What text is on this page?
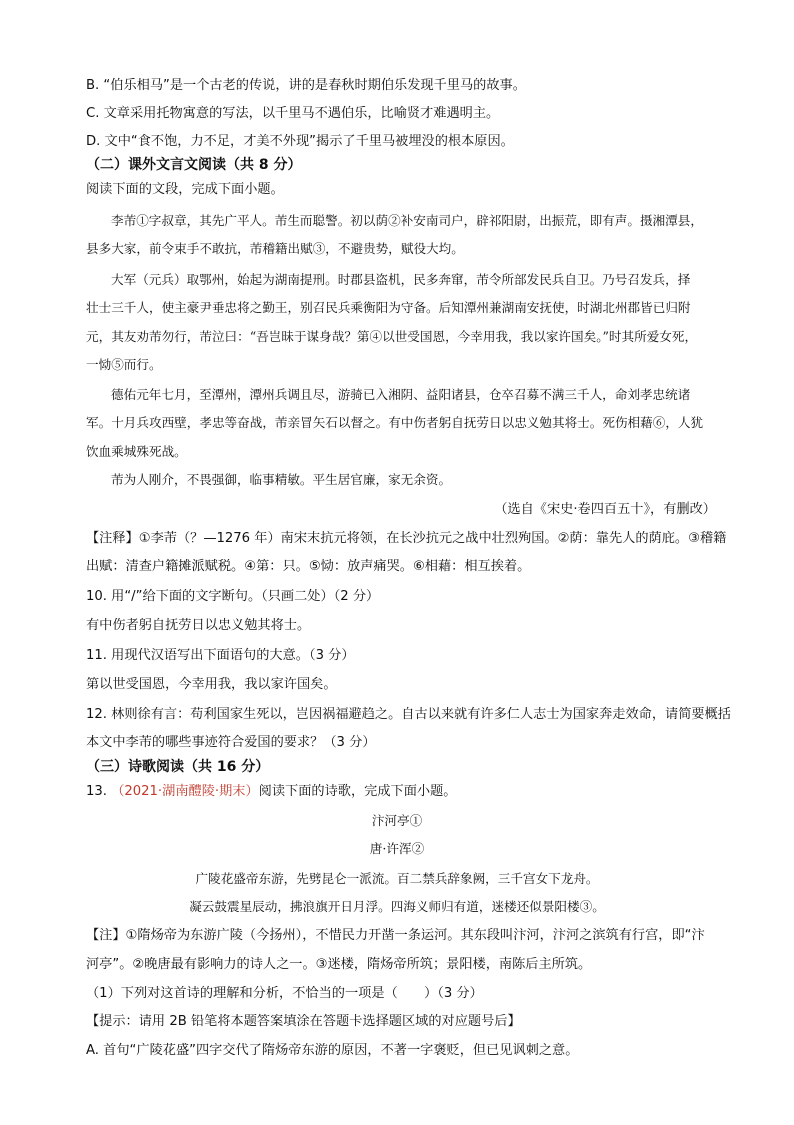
B. “伯乐相马”是一个古老的传说，讲的是春秋时期伯乐发现千里马的故事。
C. 文章采用托物寓意的写法，以千里马不遇伯乐，比喻贤才难遇明主。
D. 文中“食不饱，力不足，才美不外现”揭示了千里马被埋没的根本原因。
（二）课外文言文阅读（共 8 分）
阅读下面的文段，完成下面小题。
李芾①字叔章，其先广平人。芾生而聪警。初以荫②补安南司户，辟祁阳尉，出振荒，即有声。摄湘潭县，
县多大家，前令束手不敢抗，芾稽籍出赋③，不避贵势，赋役大均。
大军（元兵）取鄂州，始起为湖南提刑。时郡县盗机，民多奔窜，芾令所部发民兵自卫。乃号召发兵，择
壮士三千人，使主豪尹垂忠将之勤王，别召民兵乘衡阳为守备。后知潭州兼湖南安抚使，时湖北州郡皆已归附
元，其友劝芾勿行，芾泣曰：“吾岂昧于谋身哉？第④以世受国恩，今幸用我，我以家许国矣。”时其所爱女死，
一恸⑤而行。
德佑元年七月，至潭州，潭州兵调且尽，游骑已入湘阴、益阳诸县，仓卒召募不满三千人，命刘孝忠统诸
军。十月兵攻西壁，孝忠等奋战，芾亲冒矢石以督之。有中伤者躬自抚劳日以忠义勉其将士。死伤相藉⑥，人犹
饮血乘城殊死战。
芾为人刚介，不畏强御，临事精敏。平生居官廉，家无余资。
（选自《宋史·卷四百五十》，有删改）
【注释】①李芾（？—1276 年）南宋末抗元将领，在长沙抗元之战中壮烈殉国。②荫：靠先人的荫庇。③稽籍
出赋：清查户籍摊派赋税。④第：只。⑤恸：放声痛哭。⑥相藉：相互挨着。
10. 用“/”给下面的文字断句。（只画二处）（2 分）
有中伤者躬自抚劳日以忠义勉其将士。
11. 用现代汉语写出下面语句的大意。（3 分）
第以世受国恩，今幸用我，我以家许国矣。
12. 林则徐有言：苟利国家生死以，岂因祸福避趋之。自古以来就有许多仁人志士为国家奔走效命，请简要概括
本文中李芾的哪些事迹符合爱国的要求？（3 分）
（三）诗歌阅读（共 16 分）
13. （2021·湖南醴陵·期末）阅读下面的诗歌，完成下面小题。
汴河亭①
唐·许浑②
广陵花盛帝东游，先劈昆仑一派流。百二禁兵辞象阙，三千宫女下龙舟。
凝云鼓震星辰动，拂浪旗开日月浮。四海义师归有道，迷楼还似景阳楼③。
【注】①隋炀帝为东游广陵（今扬州），不惜民力开凿一条运河。其东段叫汴河，汴河之滨筑有行宫，即“汴
河亭”。②晚唐最有影响力的诗人之一。③迷楼，隋炀帝所筑；景阳楼，南陈后主所筑。
（1）下列对这首诗的理解和分析，不恰当的一项是（　　）（3 分）
【提示：请用 2B 铅笔将本题答案填涂在答题卡选择题区域的对应题号后】
A. 首句“广陵花盛”四字交代了隋炀帝东游的原因，不著一字褒贬，但已见讽刺之意。
